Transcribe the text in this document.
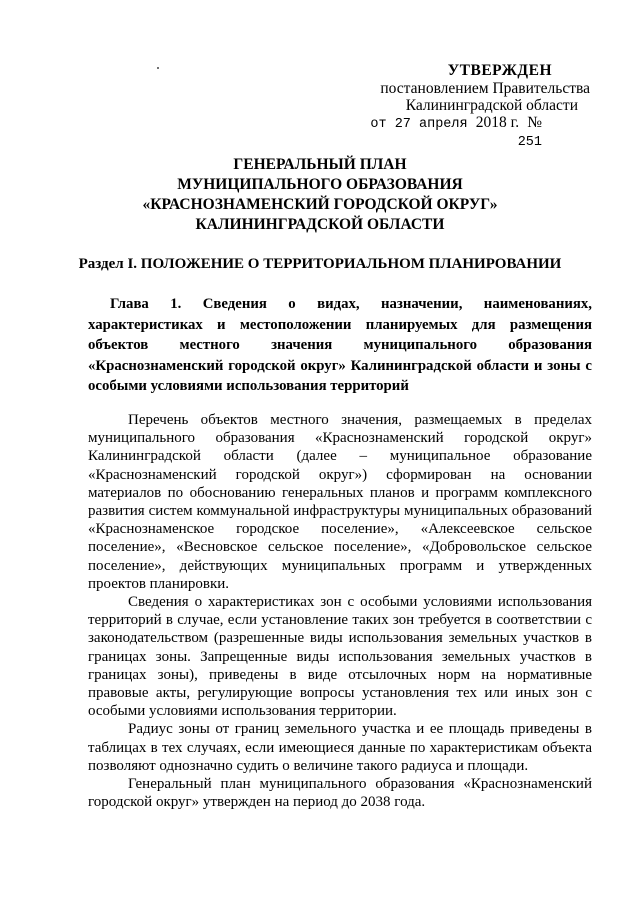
УТВЕРЖДЕН
постановлением Правительства
Калининградской области
от 27 апреля 2018 г. № 251
ГЕНЕРАЛЬНЫЙ ПЛАН
МУНИЦИПАЛЬНОГО ОБРАЗОВАНИЯ
«КРАСНОЗНАМЕНСКИЙ ГОРОДСКОЙ ОКРУГ»
КАЛИНИНГРАДСКОЙ ОБЛАСТИ
Раздел I. ПОЛОЖЕНИЕ О ТЕРРИТОРИАЛЬНОМ ПЛАНИРОВАНИИ
Глава 1. Сведения о видах, назначении, наименованиях, характеристиках и местоположении планируемых для размещения объектов местного значения муниципального образования «Краснознаменский городской округ» Калининградской области и зоны с особыми условиями использования территорий

Перечень объектов местного значения, размещаемых в пределах муниципального образования «Краснознаменский городской округ» Калининградской области (далее – муниципальное образование «Краснознаменский городской округ») сформирован на основании материалов по обоснованию генеральных планов и программ комплексного развития систем коммунальной инфраструктуры муниципальных образований «Краснознаменское городское поселение», «Алексеевское сельское поселение», «Весновское сельское поселение», «Добровольское сельское поселение», действующих муниципальных программ и утвержденных проектов планировки.

Сведения о характеристиках зон с особыми условиями использования территорий в случае, если установление таких зон требуется в соответствии с законодательством (разрешенные виды использования земельных участков в границах зоны. Запрещенные виды использования земельных участков в границах зоны), приведены в виде отсылочных норм на нормативные правовые акты, регулирующие вопросы установления тех или иных зон с особыми условиями использования территории.

Радиус зоны от границ земельного участка и ее площадь приведены в таблицах в тех случаях, если имеющиеся данные по характеристикам объекта позволяют однозначно судить о величине такого радиуса и площади.

Генеральный план муниципального образования «Краснознаменский городской округ» утвержден на период до 2038 года.
